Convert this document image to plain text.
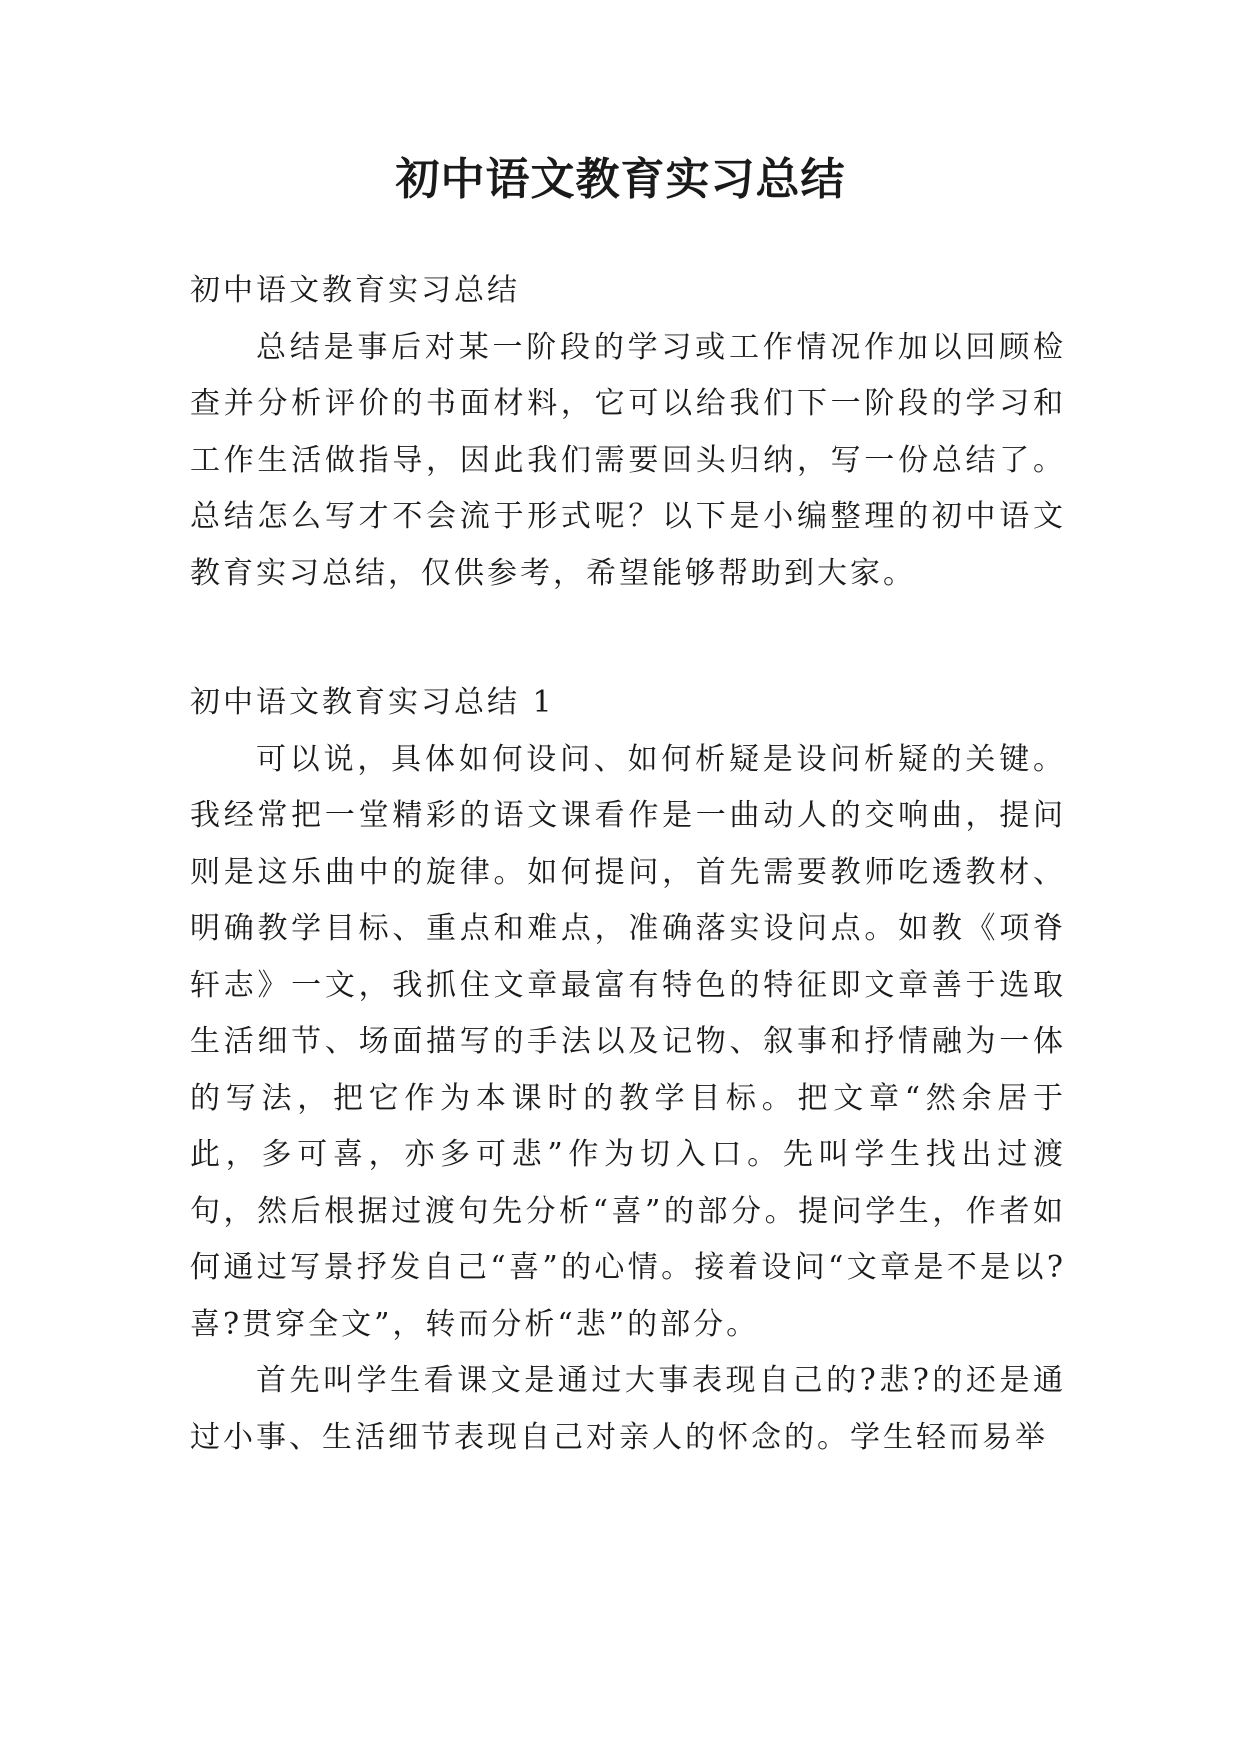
初中语文教育实习总结

初中语文教育实习总结

总结是事后对某一阶段的学习或工作情况作加以回顾检查并分析评价的书面材料，它可以给我们下一阶段的学习和工作生活做指导，因此我们需要回头归纳，写一份总结了。总结怎么写才不会流于形式呢？以下是小编整理的初中语文教育实习总结，仅供参考，希望能够帮助到大家。

初中语文教育实习总结 1

可以说，具体如何设问、如何析疑是设问析疑的关键。我经常把一堂精彩的语文课看作是一曲动人的交响曲，提问则是这乐曲中的旋律。如何提问，首先需要教师吃透教材、明确教学目标、重点和难点，准确落实设问点。如教《项脊轩志》一文，我抓住文章最富有特色的特征即文章善于选取生活细节、场面描写的手法以及记物、叙事和抒情融为一体的写法，把它作为本课时的教学目标。把文章“然余居于此，多可喜，亦多可悲”作为切入口。先叫学生找出过渡句，然后根据过渡句先分析“喜”的部分。提问学生，作者如何通过写景抒发自己“喜”的心情。接着设问“文章是不是以?喜?贯穿全文”，转而分析“悲”的部分。

首先叫学生看课文是通过大事表现自己的?悲?的还是通过小事、生活细节表现自己对亲人的怀念的。学生轻而易举
